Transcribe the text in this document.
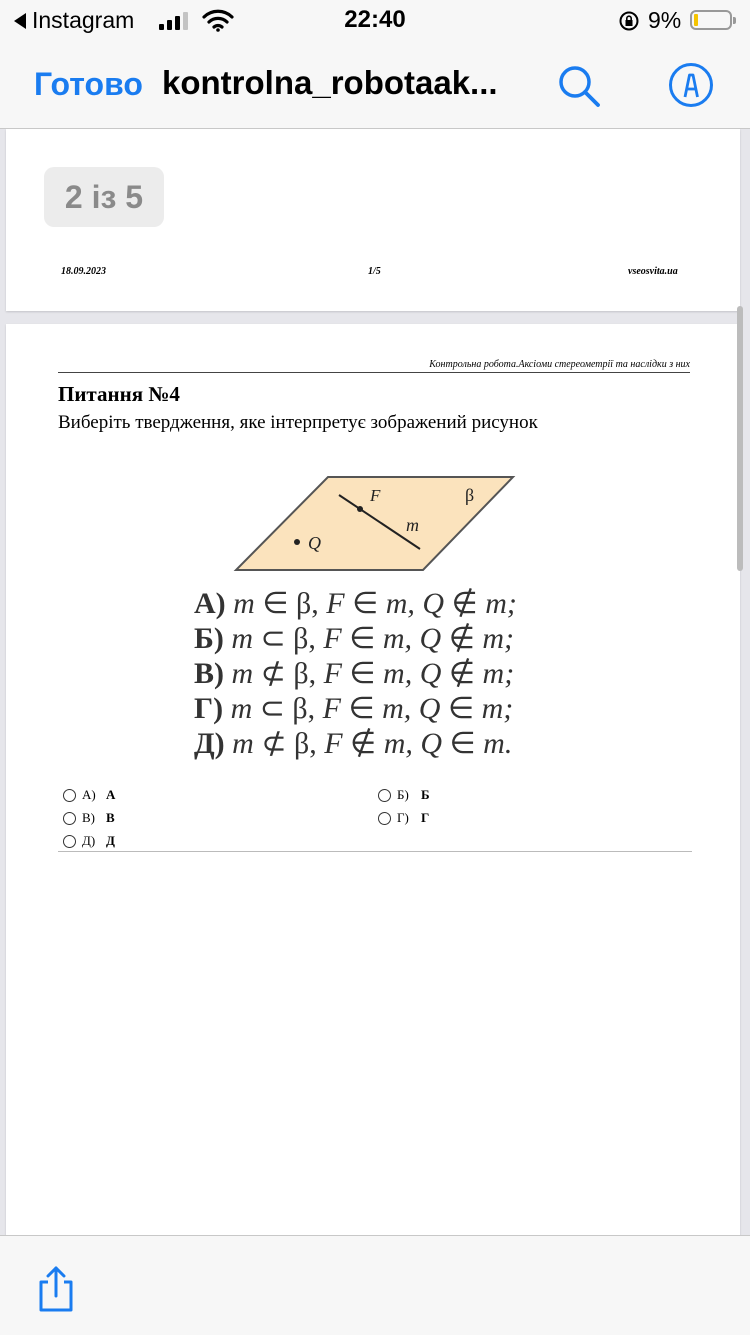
Instagram	22:40	9%
Готово kontrolna_robotaak...
2 із 5
18.09.2023	1/5	vseosvita.ua
Контрольна робота.Аксіоми стереометрії та наслідки з них
Питання №4
Виберіть твердження, яке інтерпретує зображений рисунок
F	β
m
Q
А) m ∈ β, F ∈ m, Q ∉ m;
Б) m ⊂ β, F ∈ m, Q ∉ m;
В) m ⊄ β, F ∈ m, Q ∉ m;
Г) m ⊂ β, F ∈ m, Q ∈ m;
Д) m ⊄ β, F ∉ m, Q ∈ m.
А) А	Б) Б
В) В	Г) Г
Д) Д
